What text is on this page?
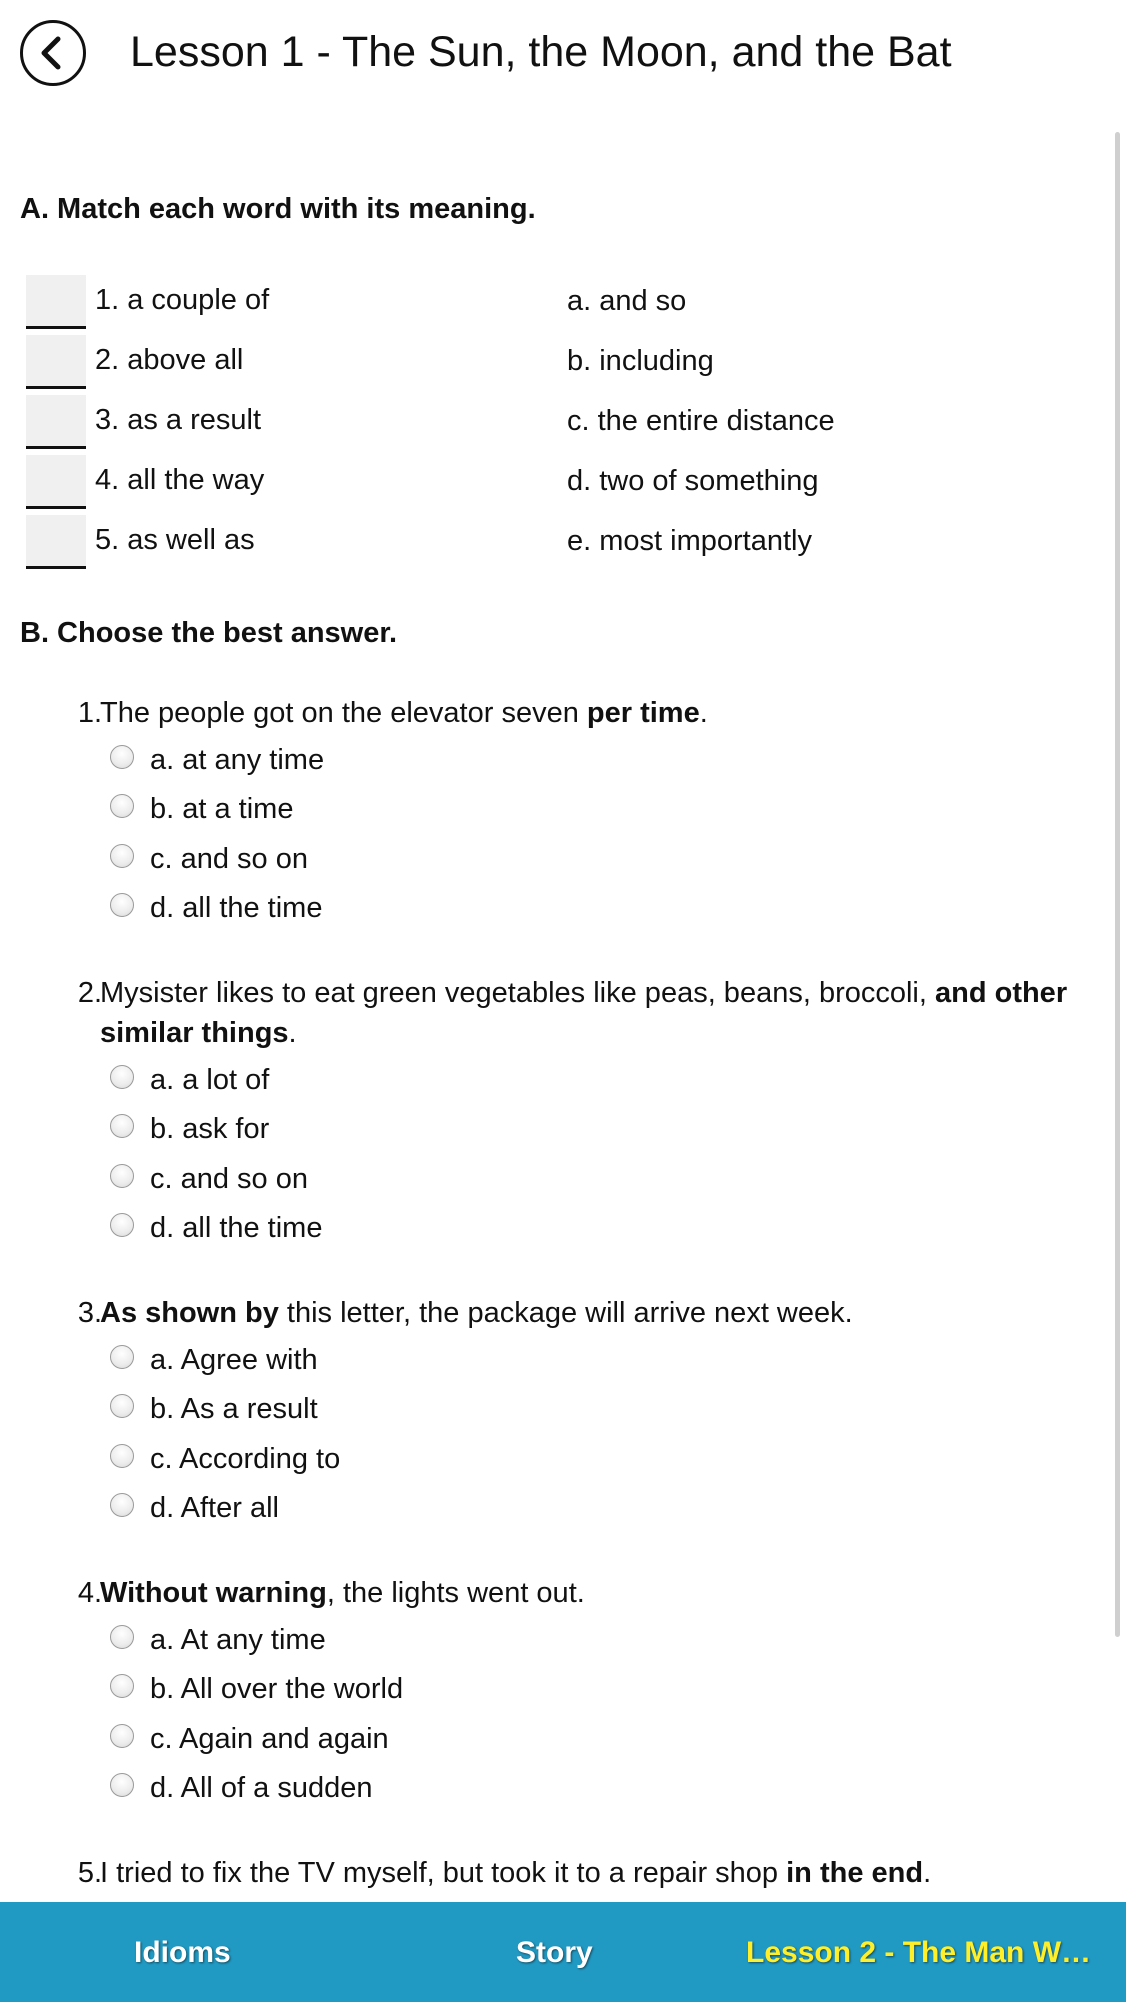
Lesson 1 - The Sun, the Moon, and the Bat
A. Match each word with its meaning.
1. a couple of	a. and so
2. above all	b. including
3. as a result	c. the entire distance
4. all the way	d. two of something
5. as well as	e. most importantly
B. Choose the best answer.
1.
The people got on the elevator seven per time.
a. at any time
b. at a time
c. and so on
d. all the time
2.
Mysister likes to eat green vegetables like peas, beans, broccoli, and other similar things.
a. a lot of
b. ask for
c. and so on
d. all the time
3.
As shown by this letter, the package will arrive next week.
a. Agree with
b. As a result
c. According to
d. After all
4.
Without warning, the lights went out.
a. At any time
b. All over the world
c. Again and again
d. All of a sudden
5.
I tried to fix the TV myself, but took it to a repair shop in the end.
Idioms	Story	Lesson 2 - The Man W…
